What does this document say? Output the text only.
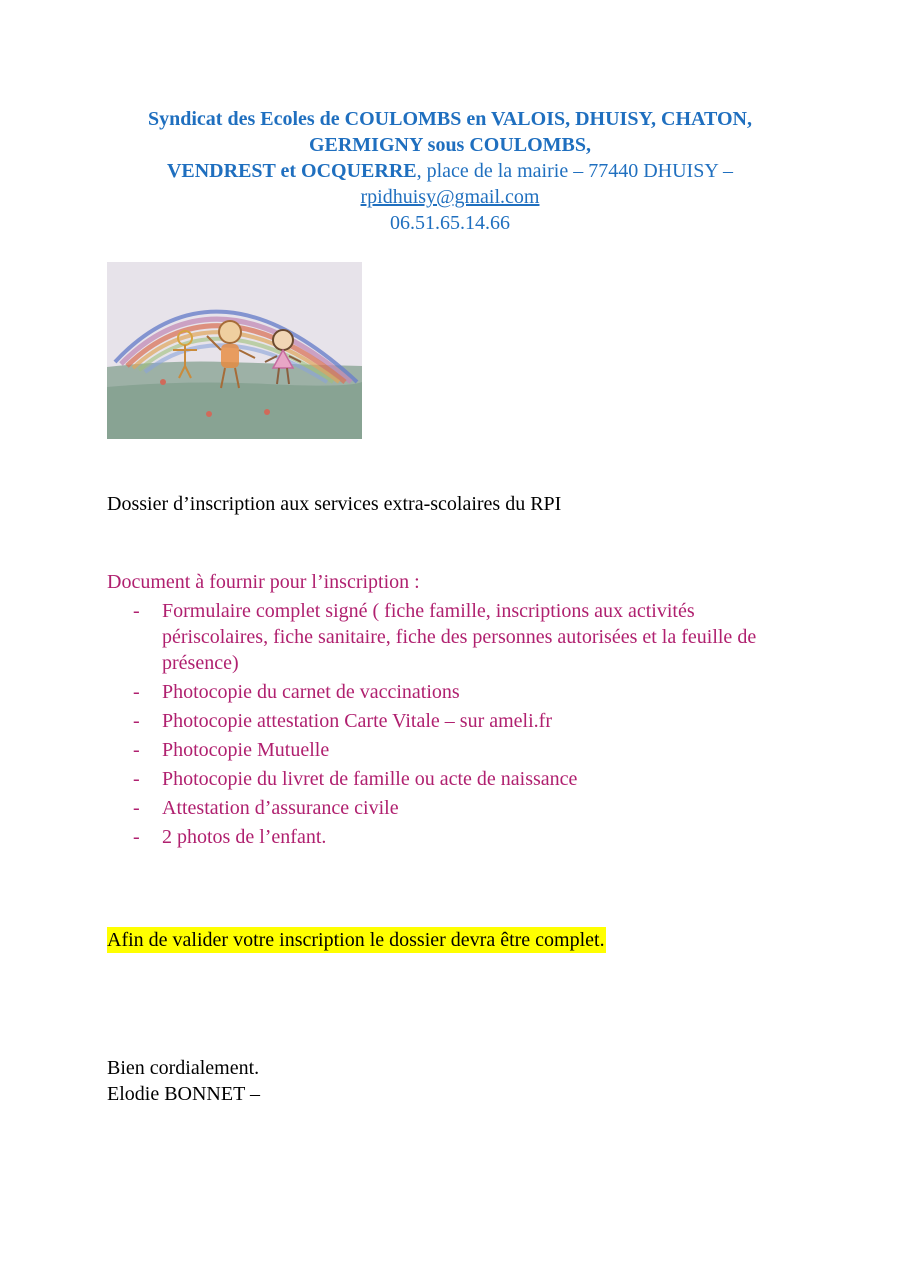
Syndicat des Ecoles de COULOMBS en VALOIS, DHUISY, CHATON,
GERMIGNY sous COULOMBS,
VENDREST et OCQUERRE, place de la mairie – 77440 DHUISY –
rpidhuisy@gmail.com
06.51.65.14.66
Dossier d’inscription aux services extra-scolaires du RPI
Document à fournir pour l’inscription :
- Formulaire complet signé ( fiche famille, inscriptions aux activités périscolaires, fiche sanitaire, fiche des personnes autorisées et la feuille de présence)
- Photocopie du carnet de vaccinations
- Photocopie attestation Carte Vitale – sur ameli.fr
- Photocopie Mutuelle
- Photocopie du livret de famille ou acte de naissance
- Attestation d’assurance civile
- 2 photos de l’enfant.
Afin de valider votre inscription le dossier devra être complet.
Bien cordialement.
Elodie BONNET –
